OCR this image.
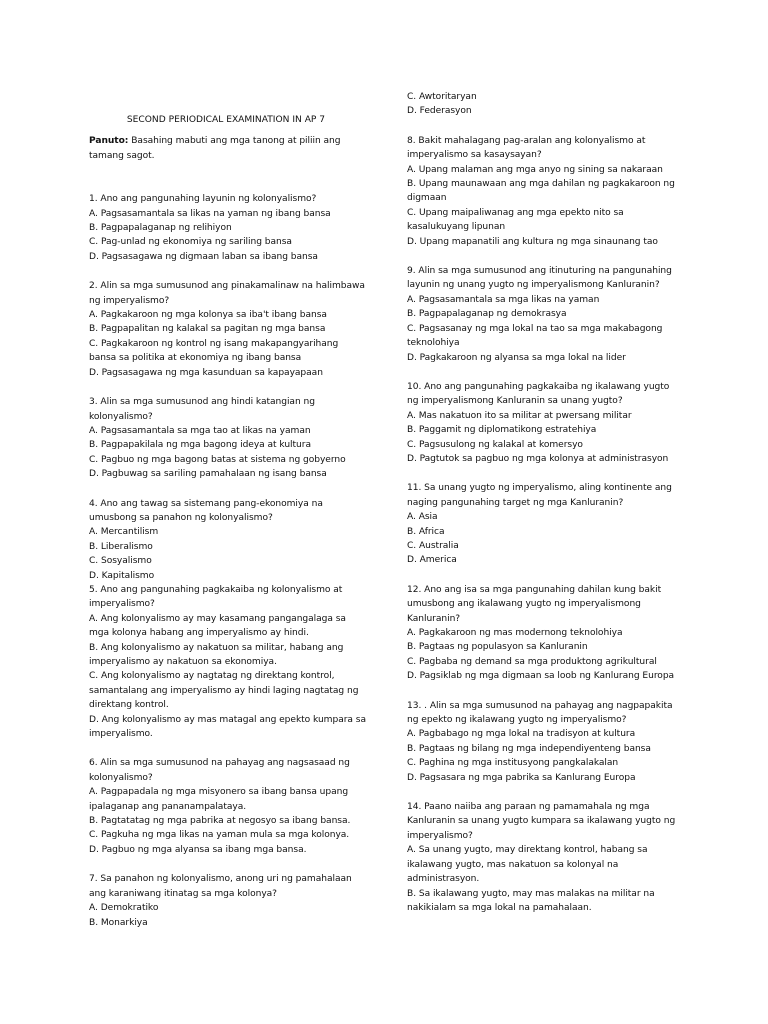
SECOND PERIODICAL EXAMINATION IN AP 7
Panuto: Basahing mabuti ang mga tanong at piliin ang
tamang sagot.
1. Ano ang pangunahing layunin ng kolonyalismo?
A. Pagsasamantala sa likas na yaman ng ibang bansa
B. Pagpapalaganap ng relihiyon
C. Pag-unlad ng ekonomiya ng sariling bansa
D. Pagsasagawa ng digmaan laban sa ibang bansa
2. Alin sa mga sumusunod ang pinakamalinaw na halimbawa
ng imperyalismo?
A. Pagkakaroon ng mga kolonya sa iba't ibang bansa
B. Pagpapalitan ng kalakal sa pagitan ng mga bansa
C. Pagkakaroon ng kontrol ng isang makapangyarihang
bansa sa politika at ekonomiya ng ibang bansa
D. Pagsasagawa ng mga kasunduan sa kapayapaan
3. Alin sa mga sumusunod ang hindi katangian ng
kolonyalismo?
A. Pagsasamantala sa mga tao at likas na yaman
B. Pagpapakilala ng mga bagong ideya at kultura
C. Pagbuo ng mga bagong batas at sistema ng gobyerno
D. Pagbuwag sa sariling pamahalaan ng isang bansa
4. Ano ang tawag sa sistemang pang-ekonomiya na
umusbong sa panahon ng kolonyalismo?
A. Mercantilism
B. Liberalismo
C. Sosyalismo
D. Kapitalismo
5. Ano ang pangunahing pagkakaiba ng kolonyalismo at
imperyalismo?
A. Ang kolonyalismo ay may kasamang pangangalaga sa
mga kolonya habang ang imperyalismo ay hindi.
B. Ang kolonyalismo ay nakatuon sa militar, habang ang
imperyalismo ay nakatuon sa ekonomiya.
C. Ang kolonyalismo ay nagtatag ng direktang kontrol,
samantalang ang imperyalismo ay hindi laging nagtatag ng
direktang kontrol.
D. Ang kolonyalismo ay mas matagal ang epekto kumpara sa
imperyalismo.
6. Alin sa mga sumusunod na pahayag ang nagsasaad ng
kolonyalismo?
A. Pagpapadala ng mga misyonero sa ibang bansa upang
ipalaganap ang pananampalataya.
B. Pagtatatag ng mga pabrika at negosyo sa ibang bansa.
C. Pagkuha ng mga likas na yaman mula sa mga kolonya.
D. Pagbuo ng mga alyansa sa ibang mga bansa.
7. Sa panahon ng kolonyalismo, anong uri ng pamahalaan
ang karaniwang itinatag sa mga kolonya?
A. Demokratiko
B. Monarkiya
C. Awtoritaryan
D. Federasyon
8. Bakit mahalagang pag-aralan ang kolonyalismo at
imperyalismo sa kasaysayan?
A. Upang malaman ang mga anyo ng sining sa nakaraan
B. Upang maunawaan ang mga dahilan ng pagkakaroon ng
digmaan
C. Upang maipaliwanag ang mga epekto nito sa
kasalukuyang lipunan
D. Upang mapanatili ang kultura ng mga sinaunang tao
9. Alin sa mga sumusunod ang itinuturing na pangunahing
layunin ng unang yugto ng imperyalismong Kanluranin?
A. Pagsasamantala sa mga likas na yaman
B. Pagpapalaganap ng demokrasya
C. Pagsasanay ng mga lokal na tao sa mga makabagong
teknolohiya
D. Pagkakaroon ng alyansa sa mga lokal na lider
10. Ano ang pangunahing pagkakaiba ng ikalawang yugto
ng imperyalismong Kanluranin sa unang yugto?
A. Mas nakatuon ito sa militar at pwersang militar
B. Paggamit ng diplomatikong estratehiya
C. Pagsusulong ng kalakal at komersyo
D. Pagtutok sa pagbuo ng mga kolonya at administrasyon
11. Sa unang yugto ng imperyalismo, aling kontinente ang
naging pangunahing target ng mga Kanluranin?
A. Asia
B. Africa
C. Australia
D. America
12. Ano ang isa sa mga pangunahing dahilan kung bakit
umusbong ang ikalawang yugto ng imperyalismong
Kanluranin?
A. Pagkakaroon ng mas modernong teknolohiya
B. Pagtaas ng populasyon sa Kanluranin
C. Pagbaba ng demand sa mga produktong agrikultural
D. Pagsiklab ng mga digmaan sa loob ng Kanlurang Europa
13. . Alin sa mga sumusunod na pahayag ang nagpapakita
ng epekto ng ikalawang yugto ng imperyalismo?
A. Pagbabago ng mga lokal na tradisyon at kultura
B. Pagtaas ng bilang ng mga independiyenteng bansa
C. Paghina ng mga institusyong pangkalakalan
D. Pagsasara ng mga pabrika sa Kanlurang Europa
14. Paano naiiba ang paraan ng pamamahala ng mga
Kanluranin sa unang yugto kumpara sa ikalawang yugto ng
imperyalismo?
A. Sa unang yugto, may direktang kontrol, habang sa
ikalawang yugto, mas nakatuon sa kolonyal na
administrasyon.
B. Sa ikalawang yugto, may mas malakas na militar na
nakikialam sa mga lokal na pamahalaan.
